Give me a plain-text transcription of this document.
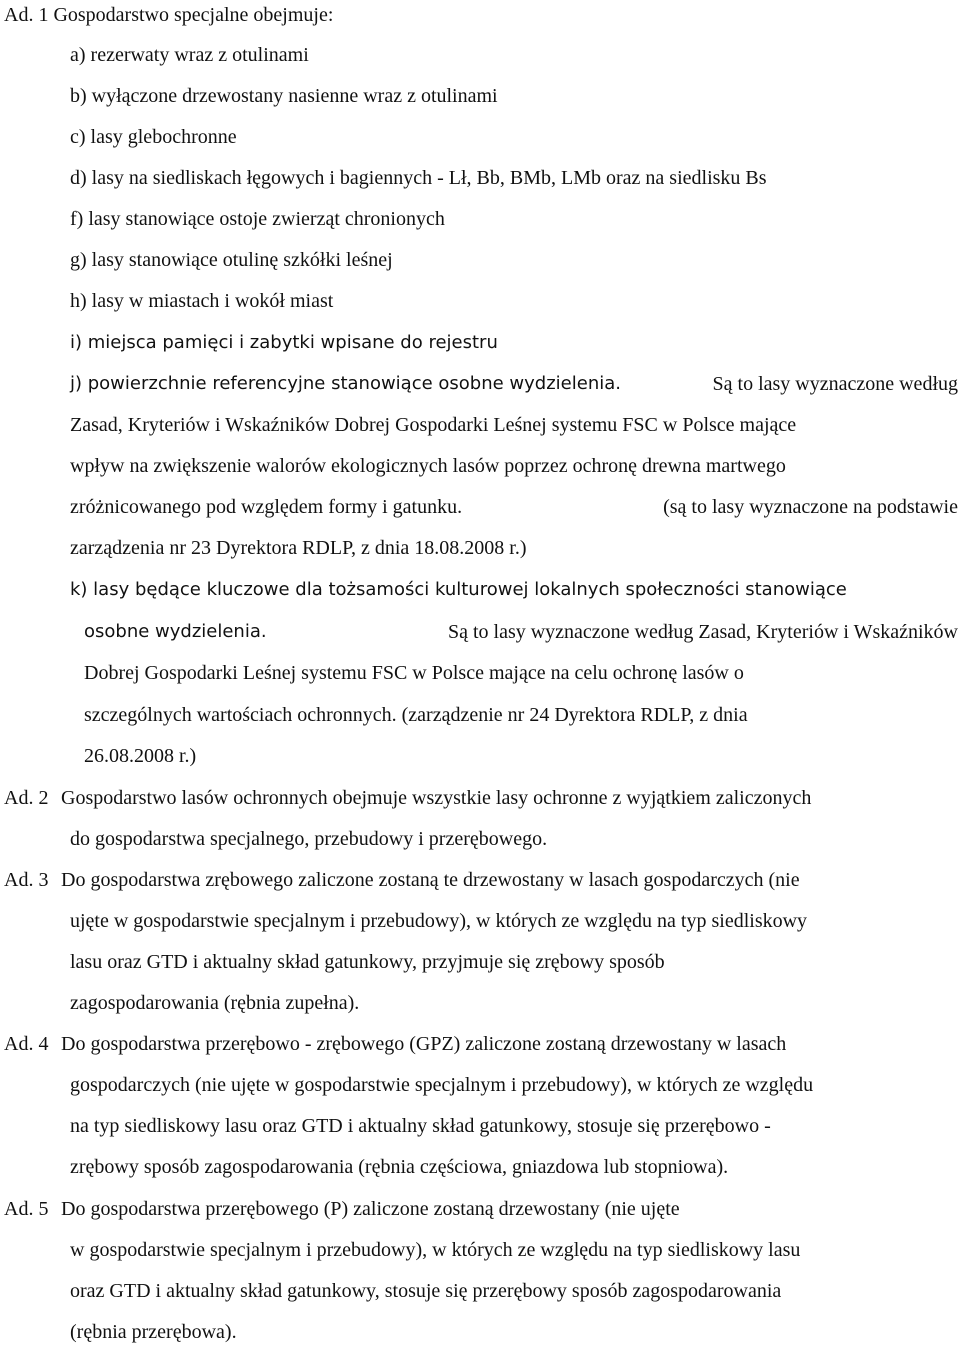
Ad. 1 Gospodarstwo specjalne obejmuje:
a) rezerwaty wraz z otulinami
b) wyłączone drzewostany nasienne wraz z otulinami
c) lasy glebochronne
d) lasy na siedliskach łęgowych i bagiennych - Lł, Bb, BMb, LMb oraz na siedlisku Bs
f) lasy stanowiące ostoje zwierząt chronionych
g) lasy stanowiące otulinę szkółki leśnej
h) lasy w miastach i wokół miast
i) miejsca pamięci i zabytki wpisane do rejestru
j) powierzchnie referencyjne stanowiące osobne wydzielenia.	Są to lasy wyznaczone według
Zasad, Kryteriów i Wskaźników Dobrej Gospodarki Leśnej systemu FSC w Polsce mające
wpływ na zwiększenie walorów ekologicznych lasów poprzez ochronę drewna martwego
zróżnicowanego pod względem formy i gatunku.	(są to lasy wyznaczone na podstawie
zarządzenia nr 23 Dyrektora RDLP, z dnia 18.08.2008 r.)
k) lasy będące kluczowe dla tożsamości kulturowej lokalnych społeczności stanowiące
osobne wydzielenia.	Są to lasy wyznaczone według Zasad, Kryteriów i Wskaźników
Dobrej Gospodarki Leśnej systemu FSC w Polsce mające na celu ochronę lasów o
szczególnych wartościach ochronnych. (zarządzenie nr 24 Dyrektora RDLP, z dnia
26.08.2008 r.)
Ad. 2 Gospodarstwo lasów ochronnych obejmuje wszystkie lasy ochronne z wyjątkiem zaliczonych
do gospodarstwa specjalnego, przebudowy i przerębowego.
Ad. 3 Do gospodarstwa zrębowego zaliczone zostaną te drzewostany w lasach gospodarczych (nie
ujęte w gospodarstwie specjalnym i przebudowy), w których ze względu na typ siedliskowy
lasu oraz GTD i aktualny skład gatunkowy, przyjmuje się zrębowy sposób
zagospodarowania (rębnia zupełna).
Ad. 4 Do gospodarstwa przerębowo - zrębowego (GPZ) zaliczone zostaną drzewostany w lasach
gospodarczych (nie ujęte w gospodarstwie specjalnym i przebudowy), w których ze względu
na typ siedliskowy lasu oraz GTD i aktualny skład gatunkowy, stosuje się przerębowo -
zrębowy sposób zagospodarowania (rębnia częściowa, gniazdowa lub stopniowa).
Ad. 5 Do gospodarstwa przerębowego (P) zaliczone zostaną drzewostany (nie ujęte
w gospodarstwie specjalnym i przebudowy), w których ze względu na typ siedliskowy lasu
oraz GTD i aktualny skład gatunkowy, stosuje się przerębowy sposób zagospodarowania
(rębnia przerębowa).
